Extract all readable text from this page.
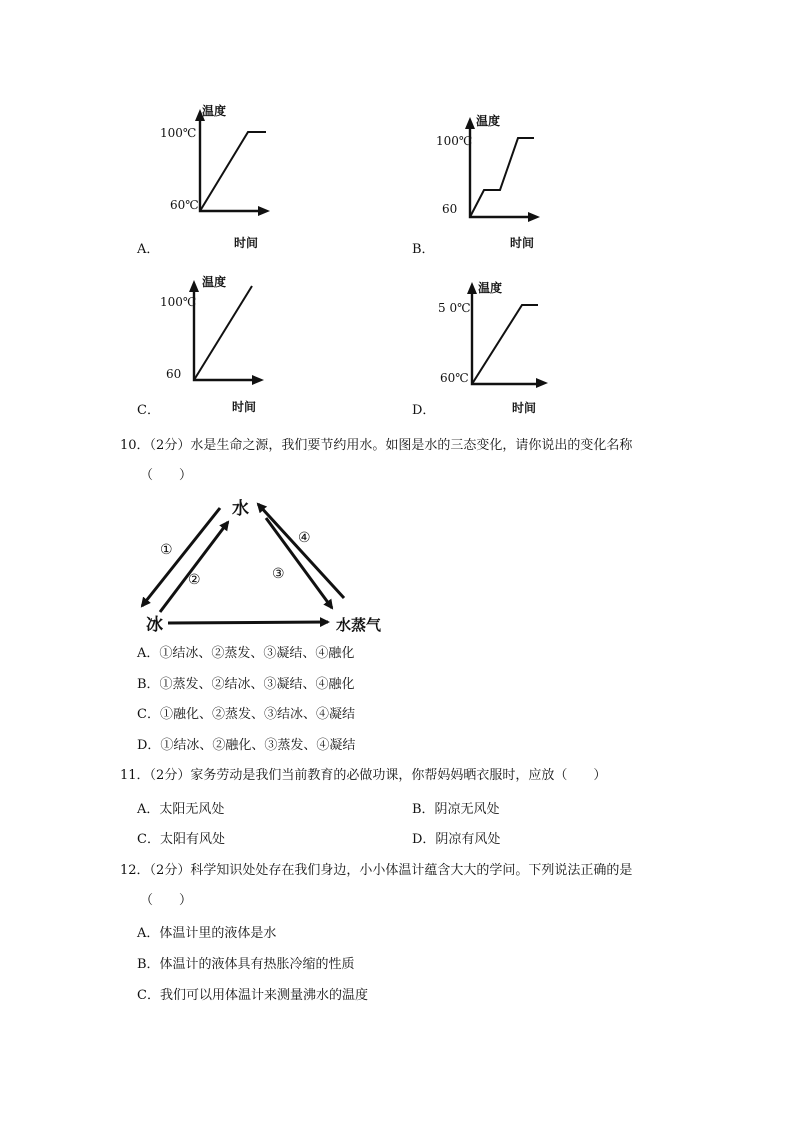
温度
100℃
60℃
时间
A．
温度
100℃
60
时间
B．
温度
100℃
60
时间
C．
温度
5 0℃
60℃
时间
D．
10．（2分）水是生命之源，我们要节约用水。如图是水的三态变化，请你说出的变化名称
（　　）
水
冰	水蒸气
①
②	③
④
A．①结冰、②蒸发、③凝结、④融化
B．①蒸发、②结冰、③凝结、④融化
C．①融化、②蒸发、③结冰、④凝结
D．①结冰、②融化、③蒸发、④凝结
11．（2分）家务劳动是我们当前教育的必做功课，你帮妈妈晒衣服时，应放（　　）
A．太阳无风处	B．阴凉无风处
C．太阳有风处	D．阴凉有风处
12．（2分）科学知识处处存在我们身边，小小体温计蕴含大大的学问。下列说法正确的是
（　　）
A．体温计里的液体是水
B．体温计的液体具有热胀冷缩的性质
C．我们可以用体温计来测量沸水的温度
